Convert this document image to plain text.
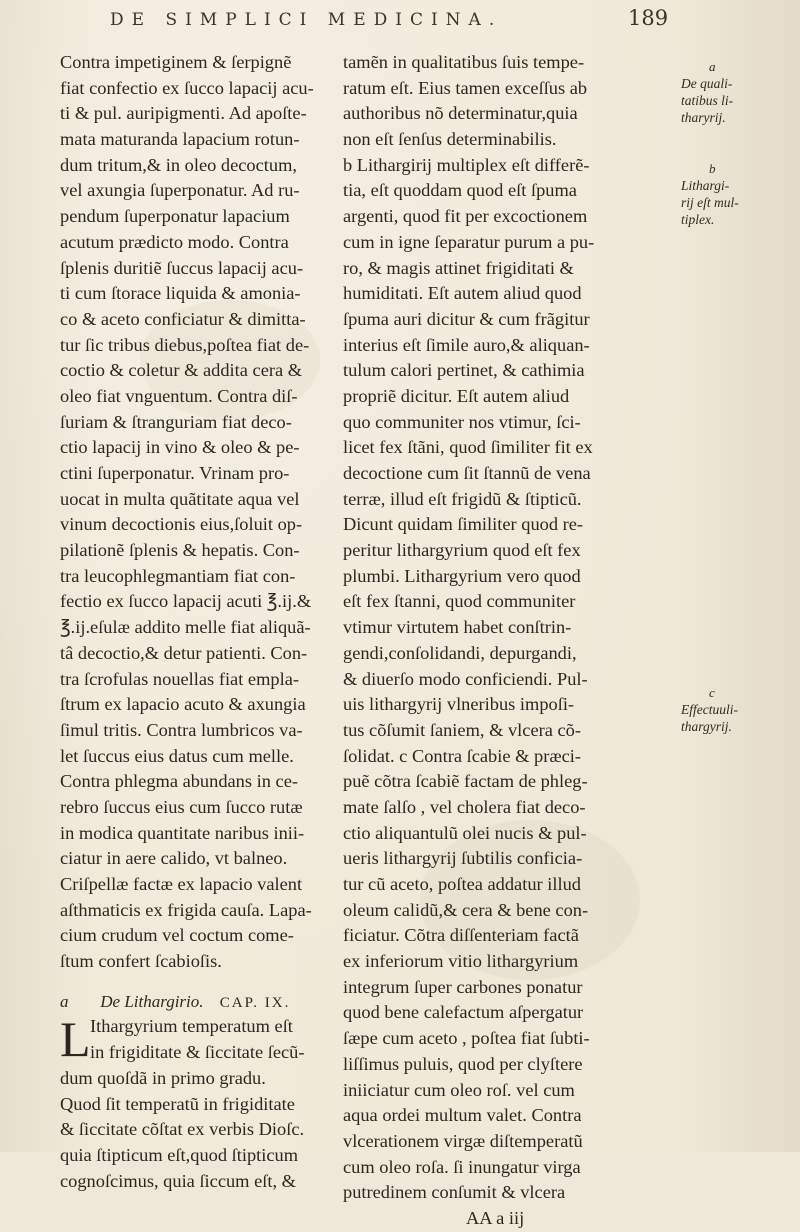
DE SIMPLICI MEDICINA.	189
Contra impetiginem & ſerpignẽ
fiat confectio ex ſucco lapacij acu-
ti & pul. auripigmenti. Ad apoſte-
mata maturanda lapacium rotun-
dum tritum,& in oleo decoctum,
vel axungia ſuperponatur. Ad ru-
pendum ſuperponatur lapacium
acutum prædicto modo. Contra
ſplenis duritiẽ ſuccus lapacij acu-
ti cum ſtorace liquida & amonia-
co & aceto conficiatur & dimitta-
tur ſic tribus diebus,poſtea fiat de-
coctio & coletur & addita cera &
oleo fiat vnguentum. Contra diſ-
ſuriam & ſtranguriam fiat deco-
ctio lapacij in vino & oleo & pe-
ctini ſuperponatur. Vrinam pro-
uocat in multa quãtitate aqua vel
vinum decoctionis eius,ſoluit op-
pilationẽ ſplenis & hepatis. Con-
tra leucophlegmantiam fiat con-
fectio ex ſucco lapacij acuti ℥.ij.&
℥.ij.eſulæ addito melle fiat aliquã-
tâ decoctio,& detur patienti. Con-
tra ſcrofulas nouellas fiat empla-
ſtrum ex lapacio acuto & axungia
ſimul tritis. Contra lumbricos va-
let ſuccus eius datus cum melle.
Contra phlegma abundans in ce-
rebro ſuccus eius cum ſucco rutæ
in modica quantitate naribus inii-
ciatur in aere calido, vt balneo.
Criſpellæ factæ ex lapacio valent
aſthmaticis ex frigida cauſa. Lapa-
cium crudum vel coctum come-
ſtum confert ſcabioſis.
a De Lithargirio. CAP. IX.
L Ithargyrium temperatum eſt
in frigiditate & ſiccitate ſecũ-
dum quoſdã in primo gradu.
Quod ſit temperatũ in frigiditate
& ſiccitate cõſtat ex verbis Dioſc.
quia ſtipticum eſt,quod ſtipticum
cognoſcimus, quia ſiccum eſt, &
tamẽn in qualitatibus ſuis tempe-
ratum eſt. Eius tamen exceſſus ab
authoribus nõ determinatur,quia
non eſt ſenſus determinabilis.
b Lithargirij multiplex eſt differẽ-
tia, eſt quoddam quod eſt ſpuma
argenti, quod fit per excoctionem
cum in igne ſeparatur purum a pu-
ro, & magis attinet frigiditati &
humiditati. Eſt autem aliud quod
ſpuma auri dicitur & cum frãgitur
interius eſt ſimile auro,& aliquan-
tulum calori pertinet, & cathimia
propriẽ dicitur. Eſt autem aliud
quo communiter nos vtimur, ſci-
licet fex ſtãni, quod ſimiliter fit ex
decoctione cum ſit ſtannũ de vena
terræ, illud eſt frigidũ & ſtipticũ.
Dicunt quidam ſimiliter quod re-
peritur lithargyrium quod eſt fex
plumbi. Lithargyrium vero quod
eſt fex ſtanni, quod communiter
vtimur virtutem habet conſtrin-
gendi,conſolidandi, depurgandi,
& diuerſo modo conficiendi. Pul-
uis lithargyrij vlneribus impoſi-
tus cõſumit ſaniem, & vlcera cõ-
ſolidat. c Contra ſcabie & præci-
puẽ cõtra ſcabiẽ factam de phleg-
mate ſalſo , vel cholera fiat deco-
ctio aliquantulũ olei nucis & pul-
ueris lithargyrij ſubtilis conficia-
tur cũ aceto, poſtea addatur illud
oleum calidũ,& cera & bene con-
ficiatur. Cõtra diſſenteriam factã
ex inferiorum vitio lithargyrium
integrum ſuper carbones ponatur
quod bene calefactum aſpergatur
ſæpe cum aceto , poſtea fiat ſubti-
liſſimus puluis, quod per clyſtere
iniiciatur cum oleo roſ. vel cum
aqua ordei multum valet. Contra
vlcerationem virgæ diſtemperatũ
cum oleo roſa. ſi inungatur virga
putredinem conſumit & vlcera
AA a iij
a
De quali-
tatibus li-
tharyrij.
b
Lithargi-
rij eſt mul-
tiplex.
c
Effectuuli-
thargyrij.
